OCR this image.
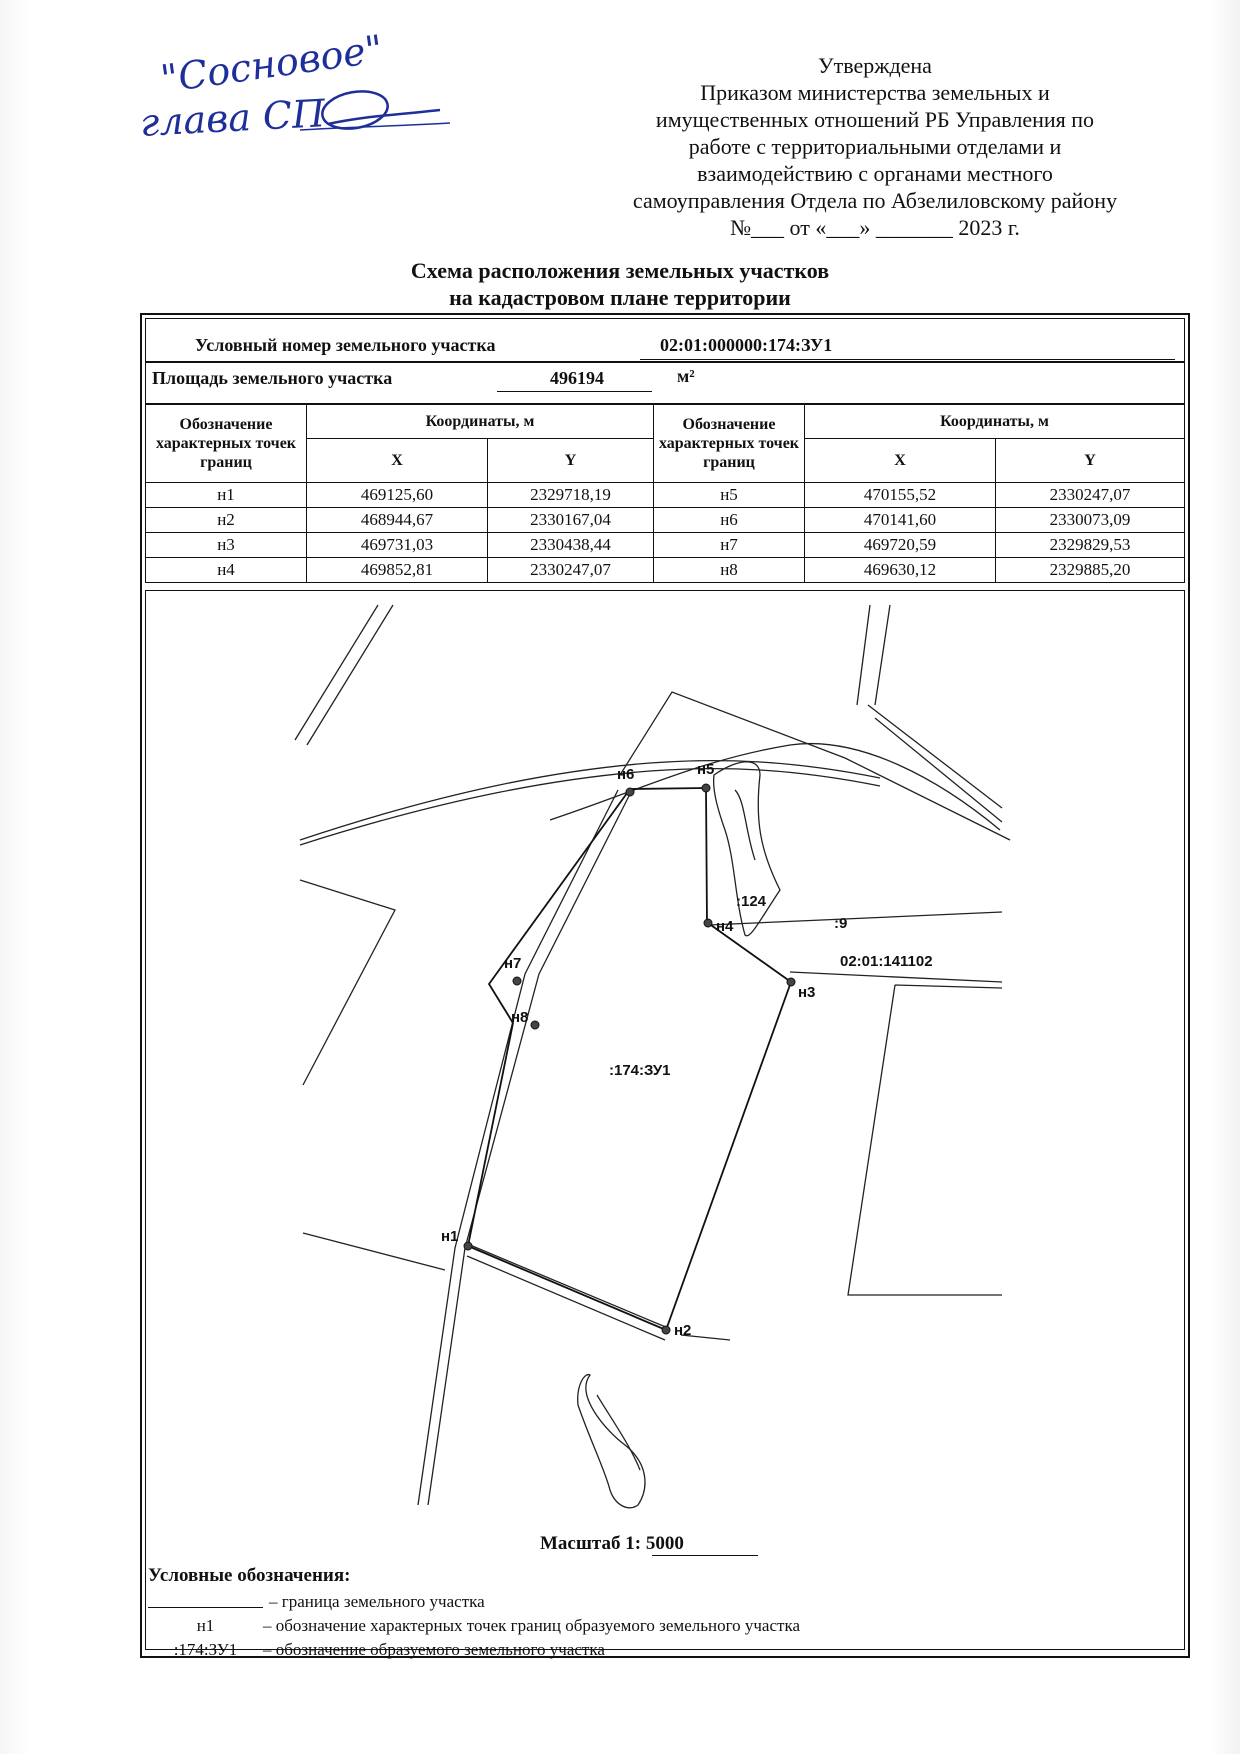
"Сосновое"
глава СП
Утверждена
Приказом министерства земельных и
имущественных отношений РБ Управления по
работе с территориальными отделами и
взаимодействию с органами местного
самоуправления Отдела по Абзелиловскому району
№___ от «___» _______ 2023 г.
Схема расположения земельных участков
на кадастровом плане территории
Условный номер земельного участка	02:01:000000:174:ЗУ1
Площадь земельного участка	496194	м²
Обозначение характерных точек границ	Координаты, м		Обозначение характерных точек границ	Координаты, м	
	X	Y		X	Y
н1	469125,60	2329718,19	н5	470155,52	2330247,07
н2	468944,67	2330167,04	н6	470141,60	2330073,09
н3	469731,03	2330438,44	н7	469720,59	2329829,53
н4	469852,81	2330247,07	н8	469630,12	2329885,20
н1
н2
н3
н4
н5
н6
н7
н8
:174:ЗУ1
:124
:9
02:01:141102
Масштаб 1: 5000
Условные обозначения:
– граница земельного участка
н1	– обозначение характерных точек границ образуемого земельного участка
:174:ЗУ1 – обозначение образуемого земельного участка
